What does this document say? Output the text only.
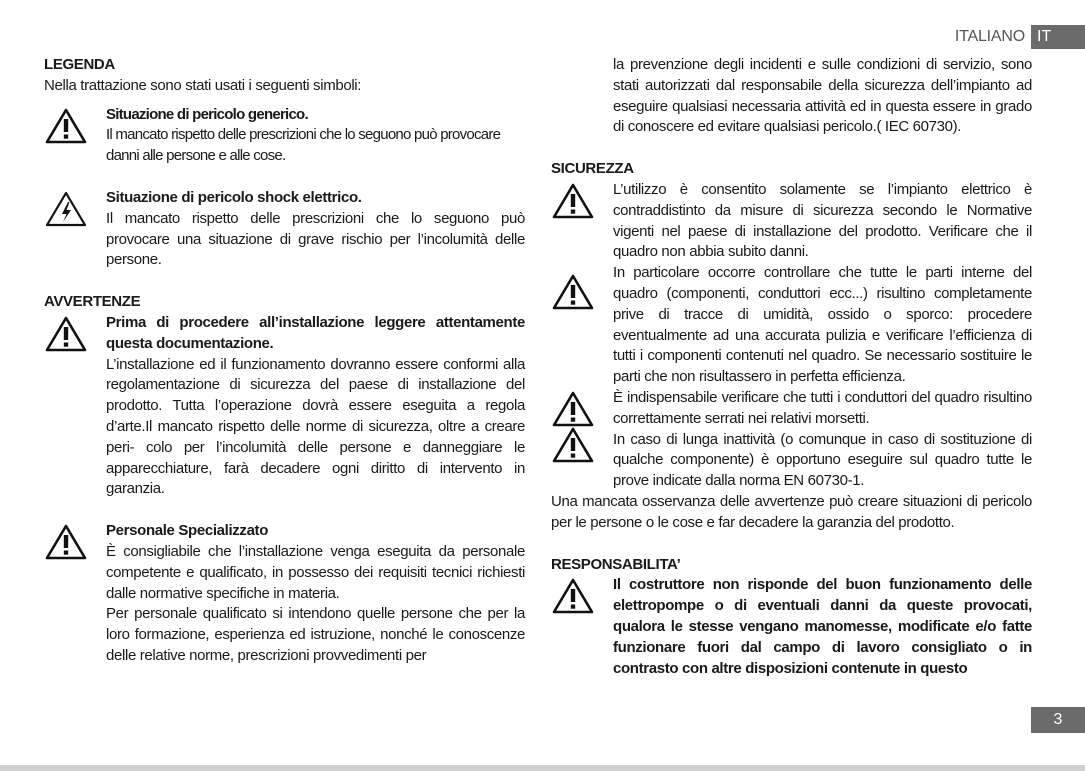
ITALIANO IT
LEGENDA

Nella trattazione sono stati usati i seguenti simboli:

Situazione di pericolo generico.

Il mancato rispetto delle prescrizioni che lo seguono può provocare danni alle persone e alle cose.

Situazione di pericolo shock elettrico.

Il mancato rispetto delle prescrizioni che lo seguono può provocare una situazione di grave rischio per l’incolumità delle persone.

AVVERTENZE

Prima di procedere all’installazione leggere attentamente questa documentazione.

L’installazione ed il funzionamento dovranno essere conformi alla regolamentazione di sicurezza del paese di installazione del prodotto. Tutta l’operazione dovrà essere eseguita a regola d’arte.Il mancato rispetto delle norme di sicurezza, oltre a creare peri- colo per l’incolumità delle persone e danneggiare le apparecchiature, farà decadere ogni diritto di intervento in garanzia.

Personale Specializzato

È consigliabile che l’installazione venga eseguita da personale competente e qualificato, in possesso dei requisiti tecnici richiesti dalle normative specifiche in materia.

Per personale qualificato si intendono quelle persone che per la loro formazione, esperienza ed istruzione, nonché le conoscenze delle relative norme, prescrizioni provvedimenti per

la prevenzione degli incidenti e sulle condizioni di servizio, sono stati autorizzati dal responsabile della sicurezza dell’impianto ad eseguire qualsiasi necessaria attività ed in questa essere in grado di conoscere ed evitare qualsiasi pericolo.( IEC 60730).

SICUREZZA

L’utilizzo è consentito solamente se l’impianto elettrico è contraddistinto da misure di sicurezza secondo le Normative vigenti nel paese di installazione del prodotto. Verificare che il quadro non abbia subito danni.

In particolare occorre controllare che tutte le parti interne del quadro (componenti, conduttori ecc...) risultino completamente prive di tracce di umidità, ossido o sporco: procedere eventualmente ad una accurata pulizia e verificare l’efficienza di tutti i componenti contenuti nel quadro. Se necessario sostituire le parti che non risultassero in perfetta efficienza.

È indispensabile verificare che tutti i conduttori del quadro risultino correttamente serrati nei relativi morsetti.

In caso di lunga inattività (o comunque in caso di sostituzione di qualche componente) è opportuno eseguire sul quadro tutte le prove indicate dalla norma EN 60730-1.

Una mancata osservanza delle avvertenze può creare situazioni di pericolo per le persone o le cose e far decadere la garanzia del prodotto.

RESPONSABILITA’

Il costruttore non risponde del buon funzionamento delle elettropompe o di eventuali danni da queste provocati, qualora le stesse vengano manomesse, modificate e/o fatte funzionare fuori dal campo di lavoro consigliato o in contrasto con altre disposizioni contenute in questo

3
